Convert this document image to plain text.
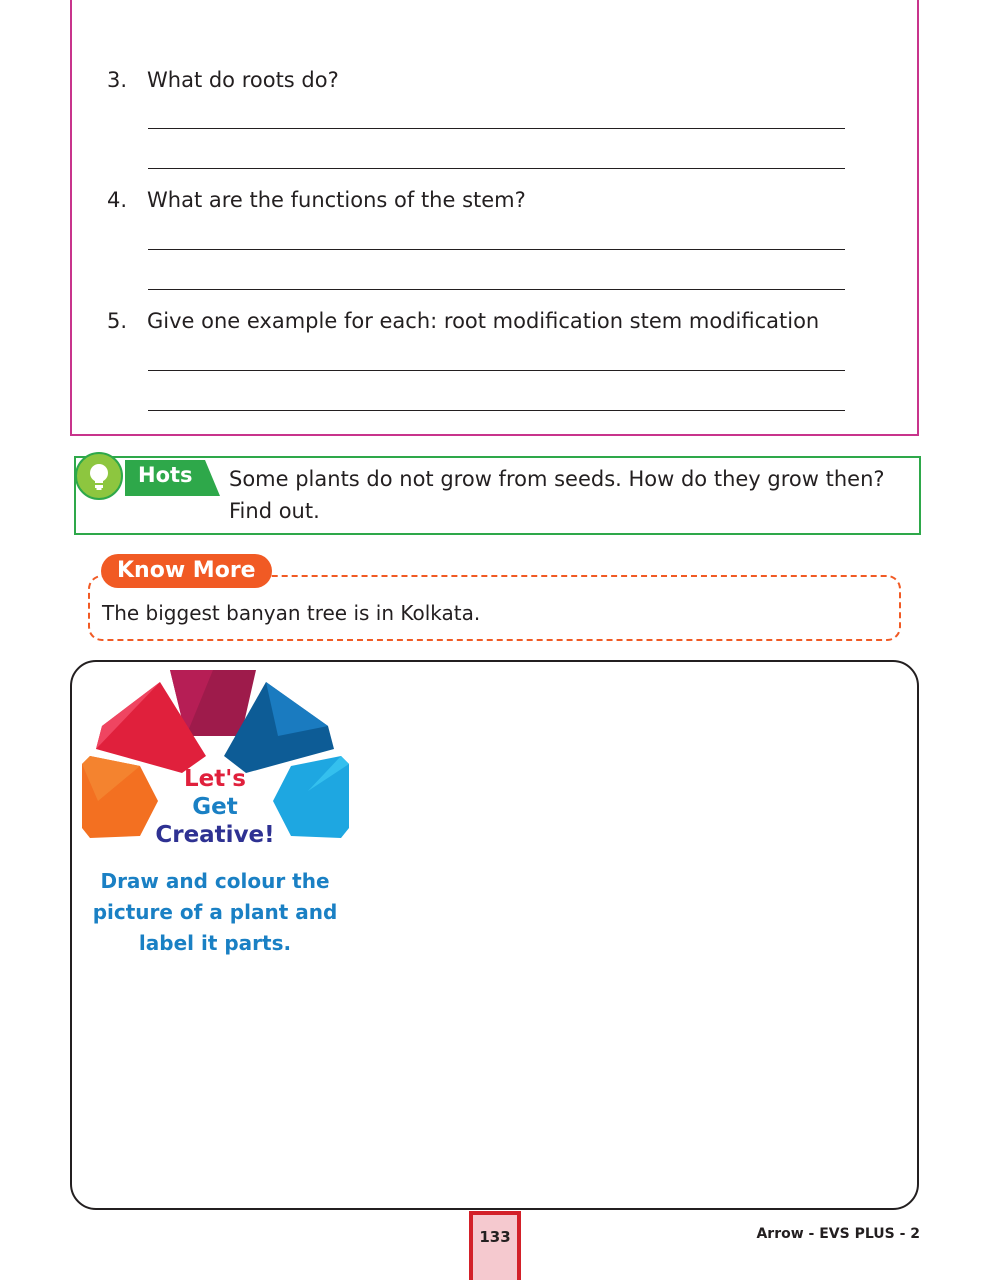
3. What do roots do?
4. What are the functions of the stem?
5. Give one example for each: root modification stem modification
Hots Some plants do not grow from seeds. How do they grow then? Find out.
Know More
The biggest banyan tree is in Kolkata.
Let's
Get
Creative!
Draw and colour the picture of a plant and label it parts.
133	Arrow - EVS PLUS - 2
